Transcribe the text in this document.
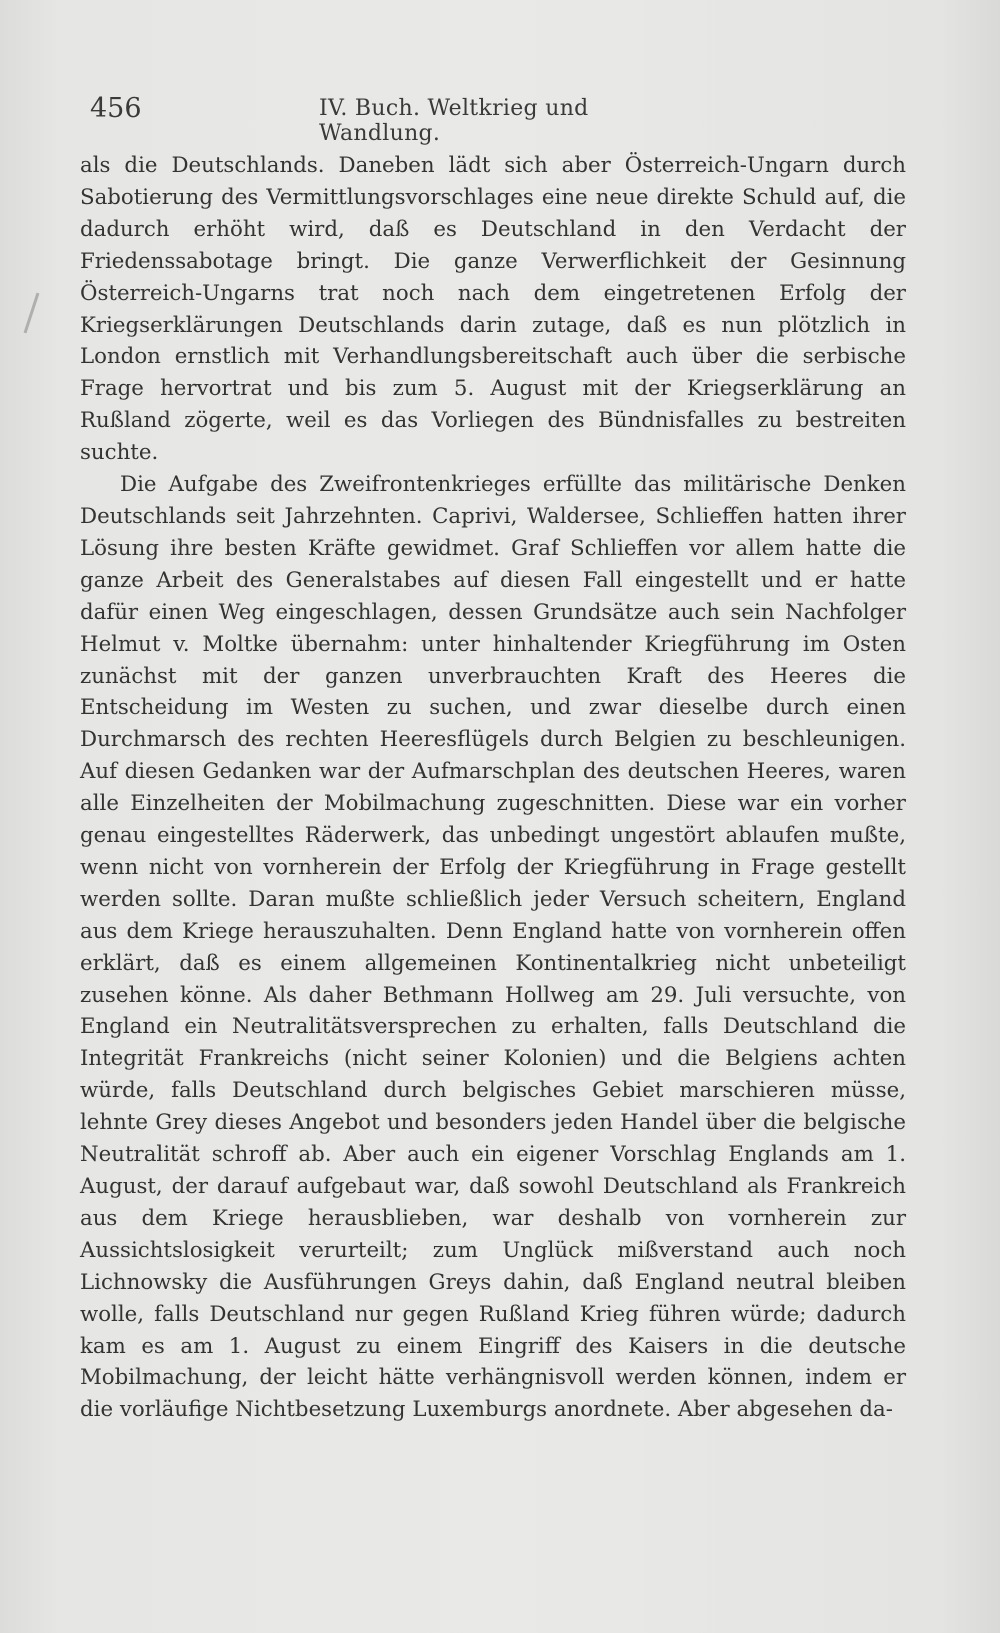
456	IV. Buch. Weltkrieg und Wandlung.

als die Deutschlands. Daneben lädt sich aber Österreich-Ungarn durch Sabotierung des Vermittlungsvorschlages eine neue direkte Schuld auf, die dadurch erhöht wird, daß es Deutschland in den Verdacht der Friedenssabotage bringt. Die ganze Verwerflichkeit der Gesinnung Österreich-Ungarns trat noch nach dem eingetretenen Erfolg der Kriegserklärungen Deutschlands darin zutage, daß es nun plötzlich in London ernstlich mit Verhandlungsbereitschaft auch über die serbische Frage hervortrat und bis zum 5. August mit der Kriegserklärung an Rußland zögerte, weil es das Vorliegen des Bündnisfalles zu bestreiten suchte.

Die Aufgabe des Zweifrontenkrieges erfüllte das militärische Denken Deutschlands seit Jahrzehnten. Caprivi, Waldersee, Schlieffen hatten ihrer Lösung ihre besten Kräfte gewidmet. Graf Schlieffen vor allem hatte die ganze Arbeit des Generalstabes auf diesen Fall eingestellt und er hatte dafür einen Weg eingeschlagen, dessen Grundsätze auch sein Nachfolger Helmut v. Moltke übernahm: unter hinhaltender Kriegführung im Osten zunächst mit der ganzen unverbrauchten Kraft des Heeres die Entscheidung im Westen zu suchen, und zwar dieselbe durch einen Durchmarsch des rechten Heeresflügels durch Belgien zu beschleunigen. Auf diesen Gedanken war der Aufmarschplan des deutschen Heeres, waren alle Einzelheiten der Mobilmachung zugeschnitten. Diese war ein vorher genau eingestelltes Räderwerk, das unbedingt ungestört ablaufen mußte, wenn nicht von vornherein der Erfolg der Kriegführung in Frage gestellt werden sollte. Daran mußte schließlich jeder Versuch scheitern, England aus dem Kriege herauszuhalten. Denn England hatte von vornherein offen erklärt, daß es einem allgemeinen Kontinentalkrieg nicht unbeteiligt zusehen könne. Als daher Bethmann Hollweg am 29. Juli versuchte, von England ein Neutralitätsversprechen zu erhalten, falls Deutschland die Integrität Frankreichs (nicht seiner Kolonien) und die Belgiens achten würde, falls Deutschland durch belgisches Gebiet marschieren müsse, lehnte Grey dieses Angebot und besonders jeden Handel über die belgische Neutralität schroff ab. Aber auch ein eigener Vorschlag Englands am 1. August, der darauf aufgebaut war, daß sowohl Deutschland als Frankreich aus dem Kriege herausblieben, war deshalb von vornherein zur Aussichtslosigkeit verurteilt; zum Unglück mißverstand auch noch Lichnowsky die Ausführungen Greys dahin, daß England neutral bleiben wolle, falls Deutschland nur gegen Rußland Krieg führen würde; dadurch kam es am 1. August zu einem Eingriff des Kaisers in die deutsche Mobilmachung, der leicht hätte verhängnisvoll werden können, indem er die vorläufige Nichtbesetzung Luxemburgs anordnete. Aber abgesehen da-
